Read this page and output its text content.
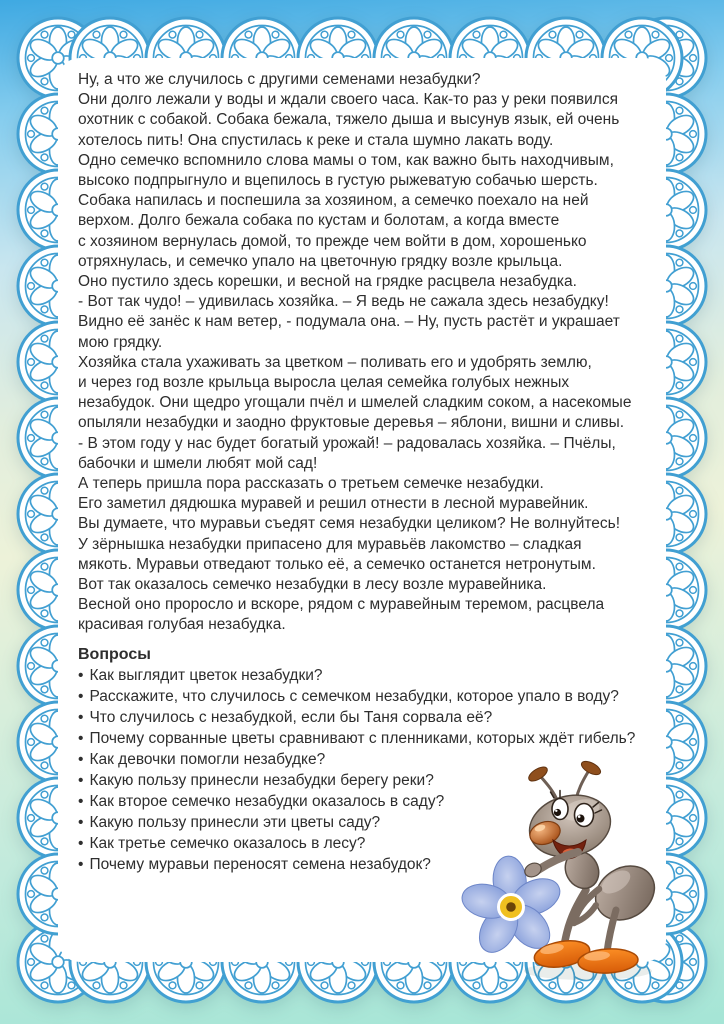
Ну, а что же случилось с другими семенами незабудки?
Они долго лежали у воды и ждали своего часа. Как-то раз у реки появился
охотник с собакой. Собака бежала, тяжело дыша и высунув язык, ей очень
хотелось пить! Она спустилась к реке и стала шумно лакать воду.
Одно семечко вспомнило слова мамы о том, как важно быть находчивым,
высоко подпрыгнуло и вцепилось в густую рыжеватую собачью шерсть.
Собака напилась и поспешила за хозяином, а семечко поехало на ней
верхом. Долго бежала собака по кустам и болотам, а когда вместе
с хозяином вернулась домой, то прежде чем войти в дом, хорошенько
отряхнулась, и семечко упало на цветочную грядку возле крыльца.
Оно пустило здесь корешки, и весной на грядке расцвела незабудка.
- Вот так чудо! – удивилась хозяйка. – Я ведь не сажала здесь незабудку!
Видно её занёс к нам ветер, - подумала она. – Ну, пусть растёт и украшает
мою грядку.
Хозяйка стала ухаживать за цветком – поливать его и удобрять землю,
и через год возле крыльца выросла целая семейка голубых нежных
незабудок. Они щедро угощали пчёл и шмелей сладким соком, а насекомые
опыляли незабудки и заодно фруктовые деревья – яблони, вишни и сливы.
- В этом году у нас будет богатый урожай! – радовалась хозяйка. – Пчёлы,
бабочки и шмели любят мой сад!
А теперь пришла пора рассказать о третьем семечке незабудки.
Его заметил дядюшка муравей и решил отнести в лесной муравейник.
Вы думаете, что муравьи съедят семя незабудки целиком? Не волнуйтесь!
У зёрнышка незабудки припасено для муравьёв лакомство – сладкая
мякоть. Муравьи отведают только её, а семечко останется нетронутым.
Вот так оказалось семечко незабудки в лесу возле муравейника.
Весной оно проросло и вскоре, рядом с муравейным теремом, расцвела
красивая голубая незабудка.
Вопросы
• Как выглядит цветок незабудки?
• Расскажите, что случилось с семечком незабудки, которое упало в воду?
• Что случилось с незабудкой, если бы Таня сорвала её?
• Почему сорванные цветы сравнивают с пленниками, которых ждёт гибель?
• Как девочки помогли незабудке?
• Какую пользу принесли незабудки берегу реки?
• Как второе семечко незабудки оказалось в саду?
• Какую пользу принесли эти цветы саду?
• Как третье семечко оказалось в лесу?
• Почему муравьи переносят семена незабудок?
